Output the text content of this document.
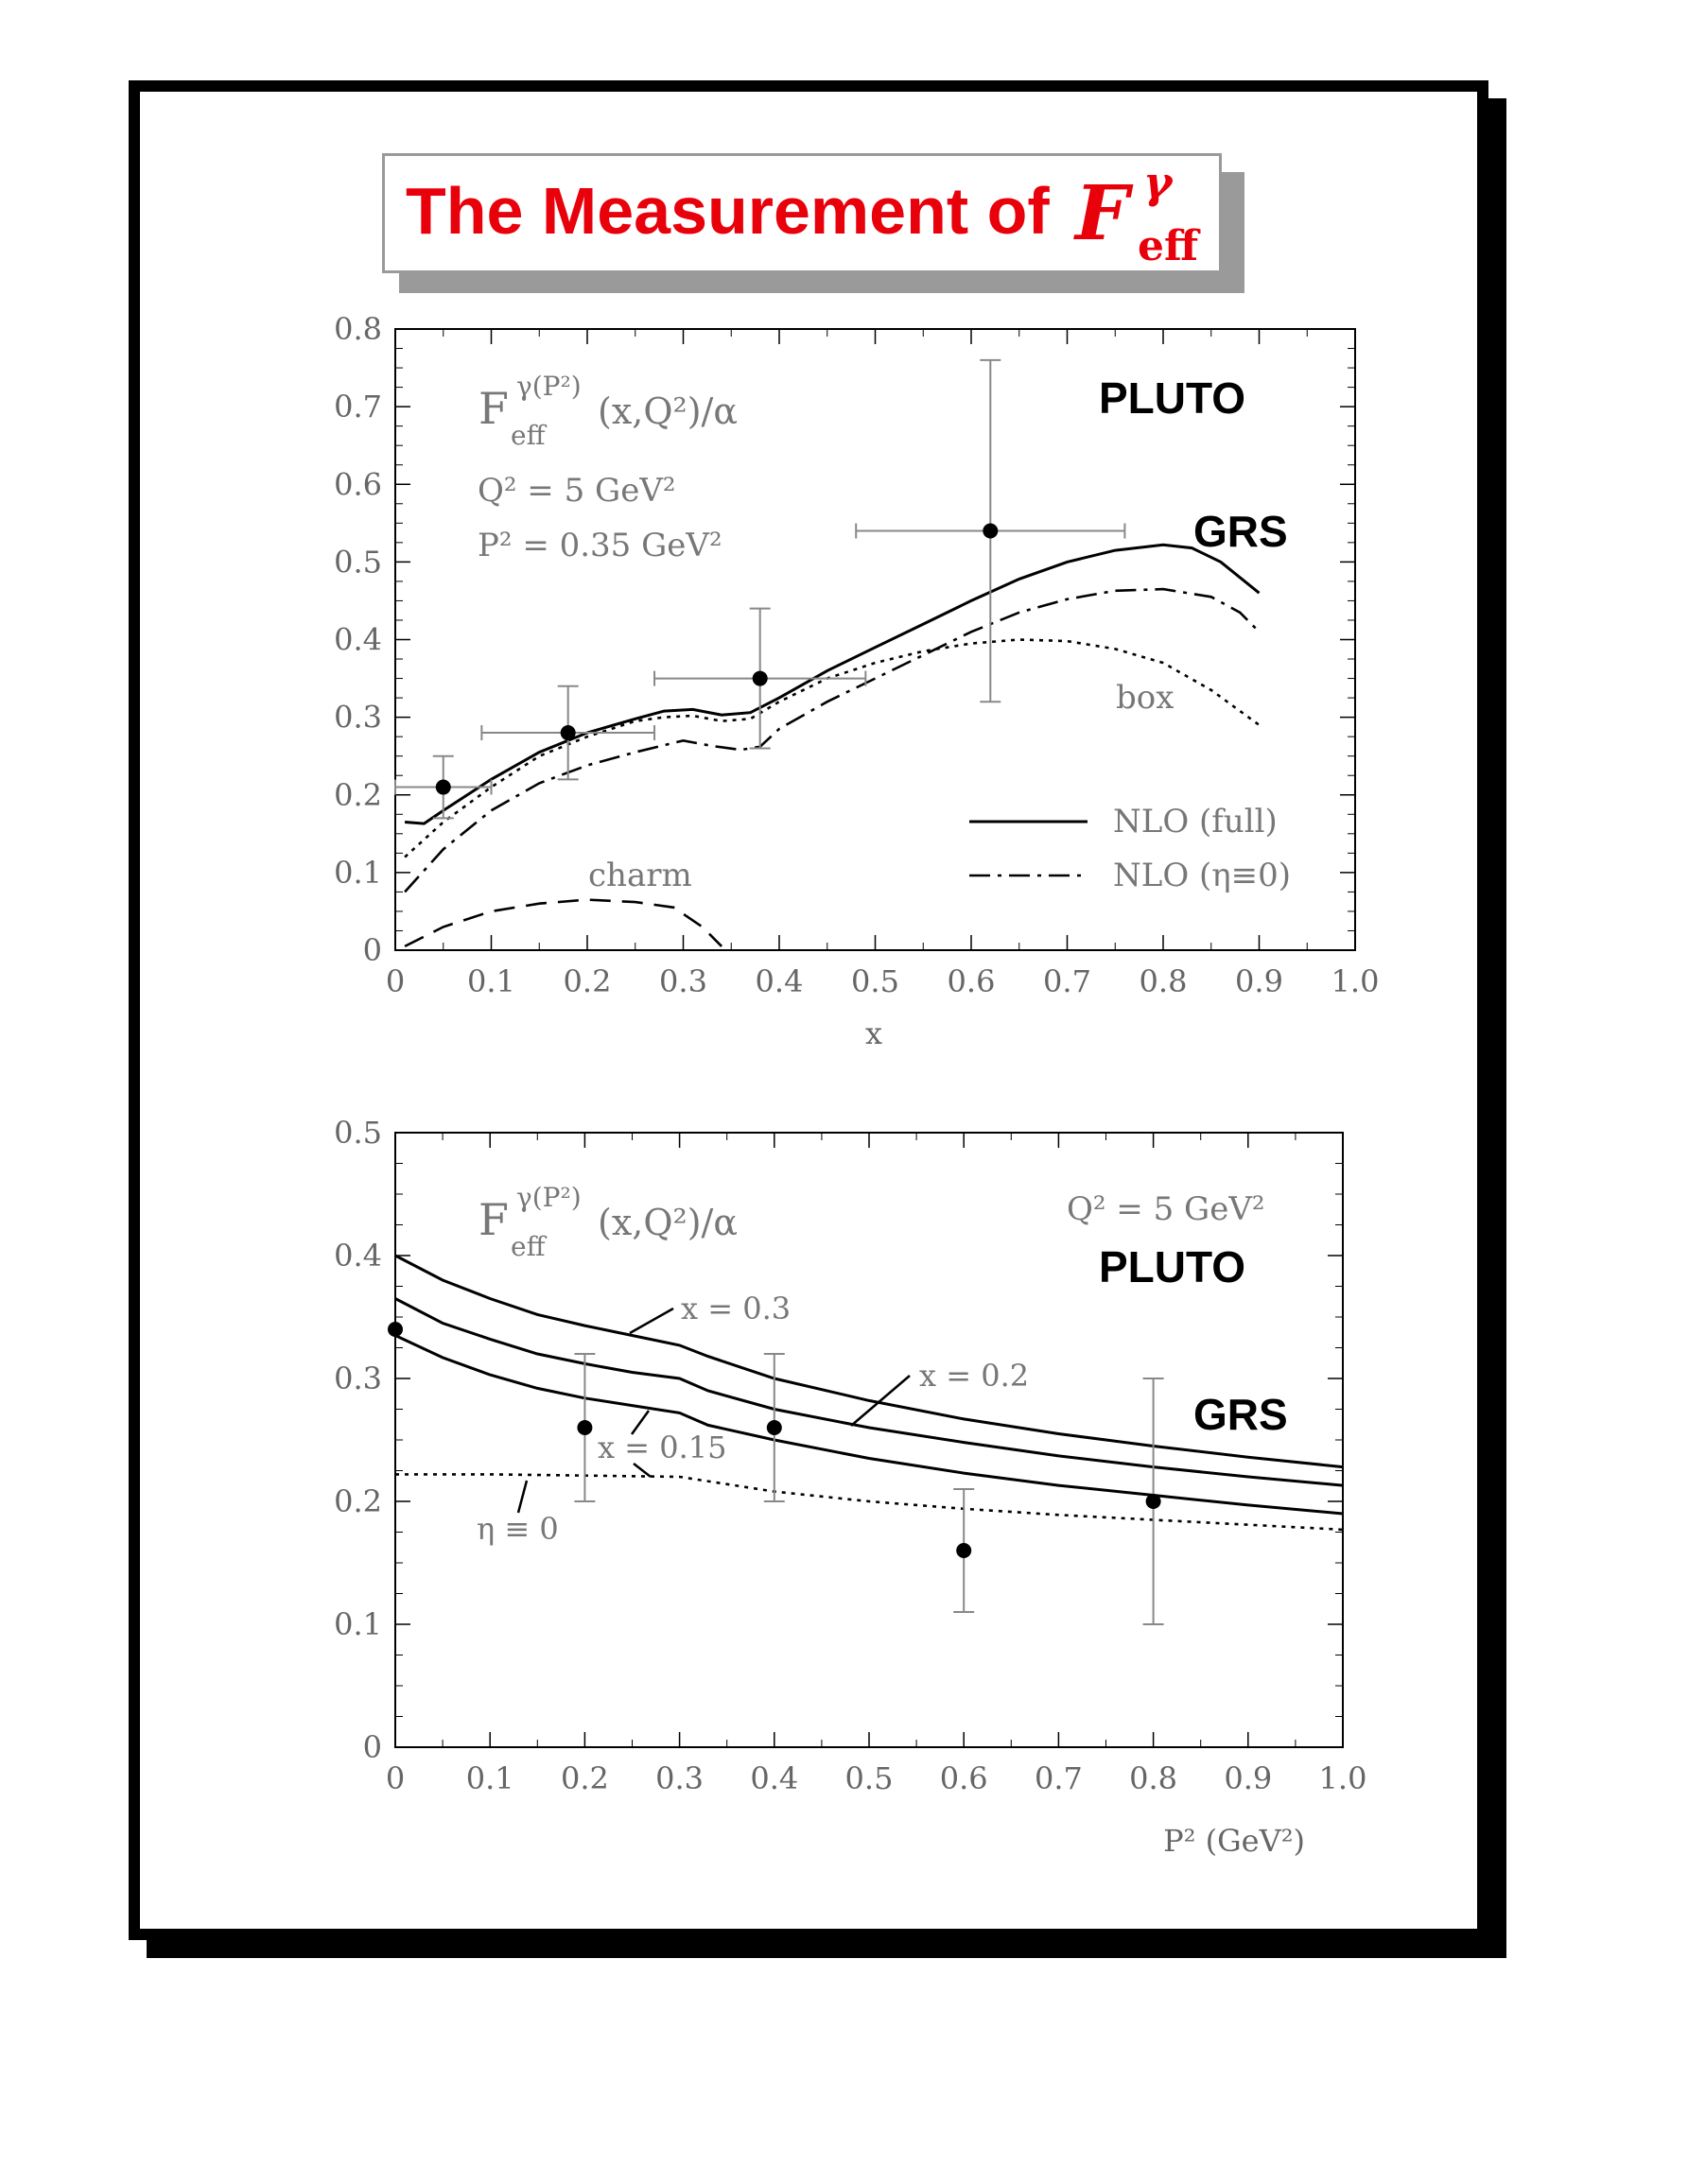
The Measurement of F γ
eff
0 0.1 0.2 0.3 0.4 0.5 0.6 0.7 0.8 0.9 1.0
0
0.1
0.2
0.3
0.4
0.5
0.6
0.7
0.8
F γ(P²)
eff
(x,Q²)/α
Q² = 5 GeV²
P² = 0.35 GeV²
PLUTO
GRS
box
charm
x
NLO (full)
NLO (η≡0)
0 0.1 0.2 0.3 0.4 0.5 0.6 0.7 0.8 0.9 1.0
0
0.1
0.2
0.3
0.4
0.5
F γ(P²)
eff
(x,Q²)/α	Q² = 5 GeV²
PLUTO
GRS
x = 0.3
x = 0.2
x = 0.15
η ≡ 0
P² (GeV²)
